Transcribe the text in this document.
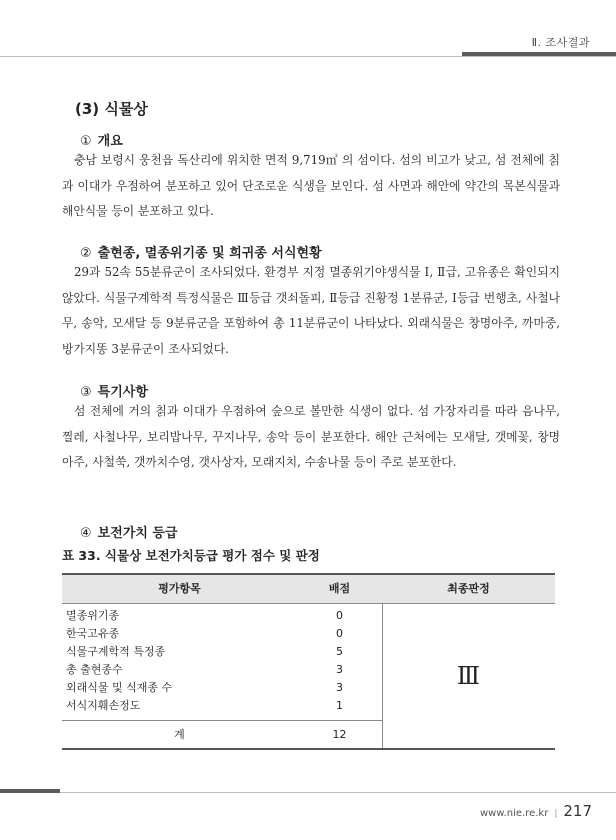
Ⅱ. 조사결과
(3) 식물상
① 개요

충남 보령시 웅천읍 독산리에 위치한 면적 9,719㎡ 의 섬이다. 섬의 비고가 낮고, 섬 전체에 칡과 이대가 우점하여 분포하고 있어 단조로운 식생을 보인다. 섬 사면과 해안에 약간의 목본식물과 해안식물 등이 분포하고 있다.

② 출현종, 멸종위기종 및 희귀종 서식현황

29과 52속 55분류군이 조사되었다. 환경부 지정 멸종위기야생식물 Ⅰ, Ⅱ급, 고유종은 확인되지 않았다. 식물구계학적 특정식물은 Ⅲ등급 갯쇠돌피, Ⅱ등급 진황정 1분류군, Ⅰ등급 번행초, 사철나무, 송악, 모새달 등 9분류군을 포함하여 총 11분류군이 나타났다. 외래식물은 창명아주, 까마중, 방가지똥 3분류군이 조사되었다.

③ 특기사항

섬 전체에 거의 칡과 이대가 우점하여 숲으로 볼만한 식생이 없다. 섬 가장자리를 따라 음나무, 찔레, 사철나무, 보리밥나무, 꾸지나무, 송악 등이 분포한다. 해안 근처에는 모새달, 갯메꽃, 창명아주, 사철쑥, 갯까치수영, 갯사상자, 모래지치, 수송나물 등이 주로 분포한다.

④ 보전가치 등급
표 33. 식물상 보전가치등급 평가 점수 및 판정
평가항목	배점	최종판정
멸종위기종	0
한국고유종	0
식물구계학적 특정종	5
총 출현종수	3
외래식물 및 식재종 수	3
서식지훼손정도	1
계	12
Ⅲ
www.nie.re.kr | 217
